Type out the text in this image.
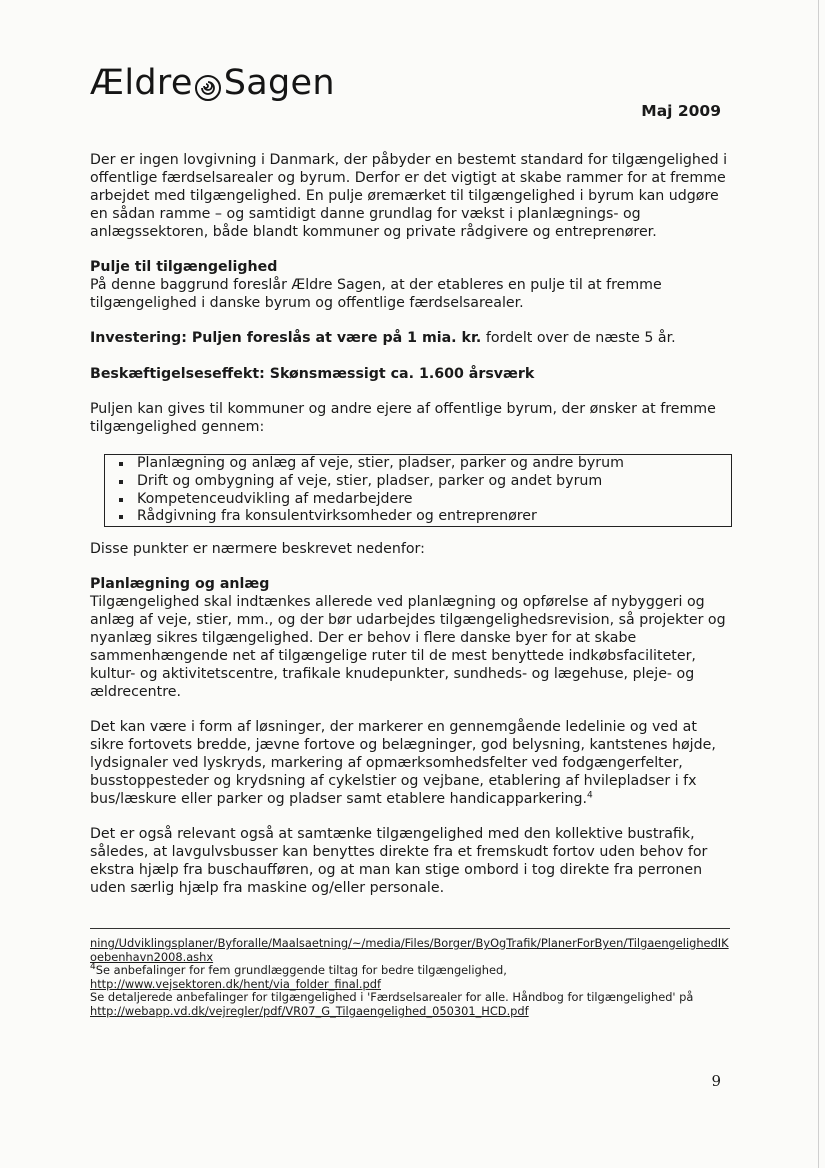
Ældre Sagen
Maj 2009

Der er ingen lovgivning i Danmark, der påbyder en bestemt standard for tilgængelighed i offentlige færdselsarealer og byrum. Derfor er det vigtigt at skabe rammer for at fremme arbejdet med tilgængelighed. En pulje øremærket til tilgængelighed i byrum kan udgøre en sådan ramme – og samtidigt danne grundlag for vækst i planlægnings- og anlægssektoren, både blandt kommuner og private rådgivere og entreprenører.

Pulje til tilgængelighed

På denne baggrund foreslår Ældre Sagen, at der etableres en pulje til at fremme tilgængelighed i danske byrum og offentlige færdselsarealer.

Investering: Puljen foreslås at være på 1 mia. kr. fordelt over de næste 5 år.

Beskæftigelseseffekt: Skønsmæssigt ca. 1.600 årsværk

Puljen kan gives til kommuner og andre ejere af offentlige byrum, der ønsker at fremme tilgængelighed gennem:

Planlægning og anlæg af veje, stier, pladser, parker og andre byrum
Drift og ombygning af veje, stier, pladser, parker og andet byrum
Kompetenceudvikling af medarbejdere
Rådgivning fra konsulentvirksomheder og entreprenører

Disse punkter er nærmere beskrevet nedenfor:

Planlægning og anlæg

Tilgængelighed skal indtænkes allerede ved planlægning og opførelse af nybyggeri og anlæg af veje, stier, mm., og der bør udarbejdes tilgængelighedsrevision, så projekter og nyanlæg sikres tilgængelighed. Der er behov i flere danske byer for at skabe sammenhængende net af tilgængelige ruter til de mest benyttede indkøbsfaciliteter, kultur- og aktivitetscentre, trafikale knudepunkter, sundheds- og lægehuse, pleje- og ældrecentre.

Det kan være i form af løsninger, der markerer en gennemgående ledelinie og ved at sikre fortovets bredde, jævne fortove og belægninger, god belysning, kantstenes højde, lydsignaler ved lyskryds, markering af opmærksomhedsfelter ved fodgængerfelter, busstoppesteder og krydsning af cykelstier og vejbane, etablering af hvilepladser i fx bus/læskure eller parker og pladser samt etablere handicapparkering.$^4$

Det er også relevant også at samtænke tilgængelighed med den kollektive bustrafik, således, at lavgulvsbusser kan benyttes direkte fra et fremskudt fortov uden behov for ekstra hjælp fra buschaufføren, og at man kan stige ombord i tog direkte fra perronen uden særlig hjælp fra maskine og/eller personale.

ning/Udviklingsplaner/Byforalle/Maalsaetning/~/media/Files/Borger/ByOgTrafik/PlanerForByen/TilgaengelighedIKoebenhavn2008.ashx
$^4$Se anbefalinger for fem grundlæggende tiltag for bedre tilgængelighed,
http://www.vejsektoren.dk/hent/via_folder_final.pdf
Se detaljerede anbefalinger for tilgængelighed i 'Færdselsarealer for alle. Håndbog for tilgængelighed' på
http://webapp.vd.dk/vejregler/pdf/VR07_G_Tilgaengelighed_050301_HCD.pdf
9
